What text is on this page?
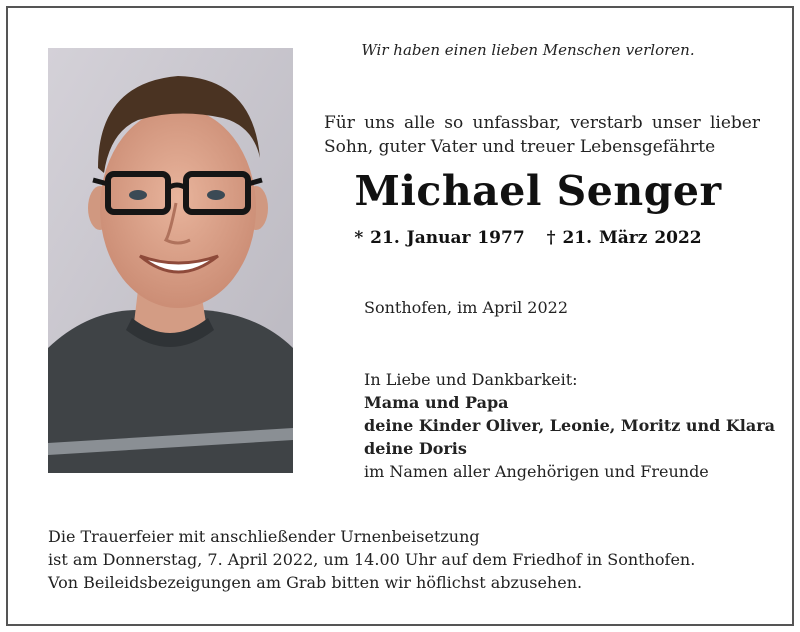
Wir haben einen lieben Menschen verloren.
Für uns alle so unfassbar, verstarb unser lieber
Sohn, guter Vater und treuer Lebensgefährte
Michael Senger
* 21. Januar 1977 † 21. März 2022
Sonthofen, im April 2022
In Liebe und Dankbarkeit:
Mama und Papa
deine Kinder Oliver, Leonie, Moritz und Klara
deine Doris
im Namen aller Angehörigen und Freunde
Die Trauerfeier mit anschließender Urnenbeisetzung
ist am Donnerstag, 7. April 2022, um 14.00 Uhr auf dem Friedhof in Sonthofen.
Von Beileidsbezeigungen am Grab bitten wir höflichst abzusehen.
